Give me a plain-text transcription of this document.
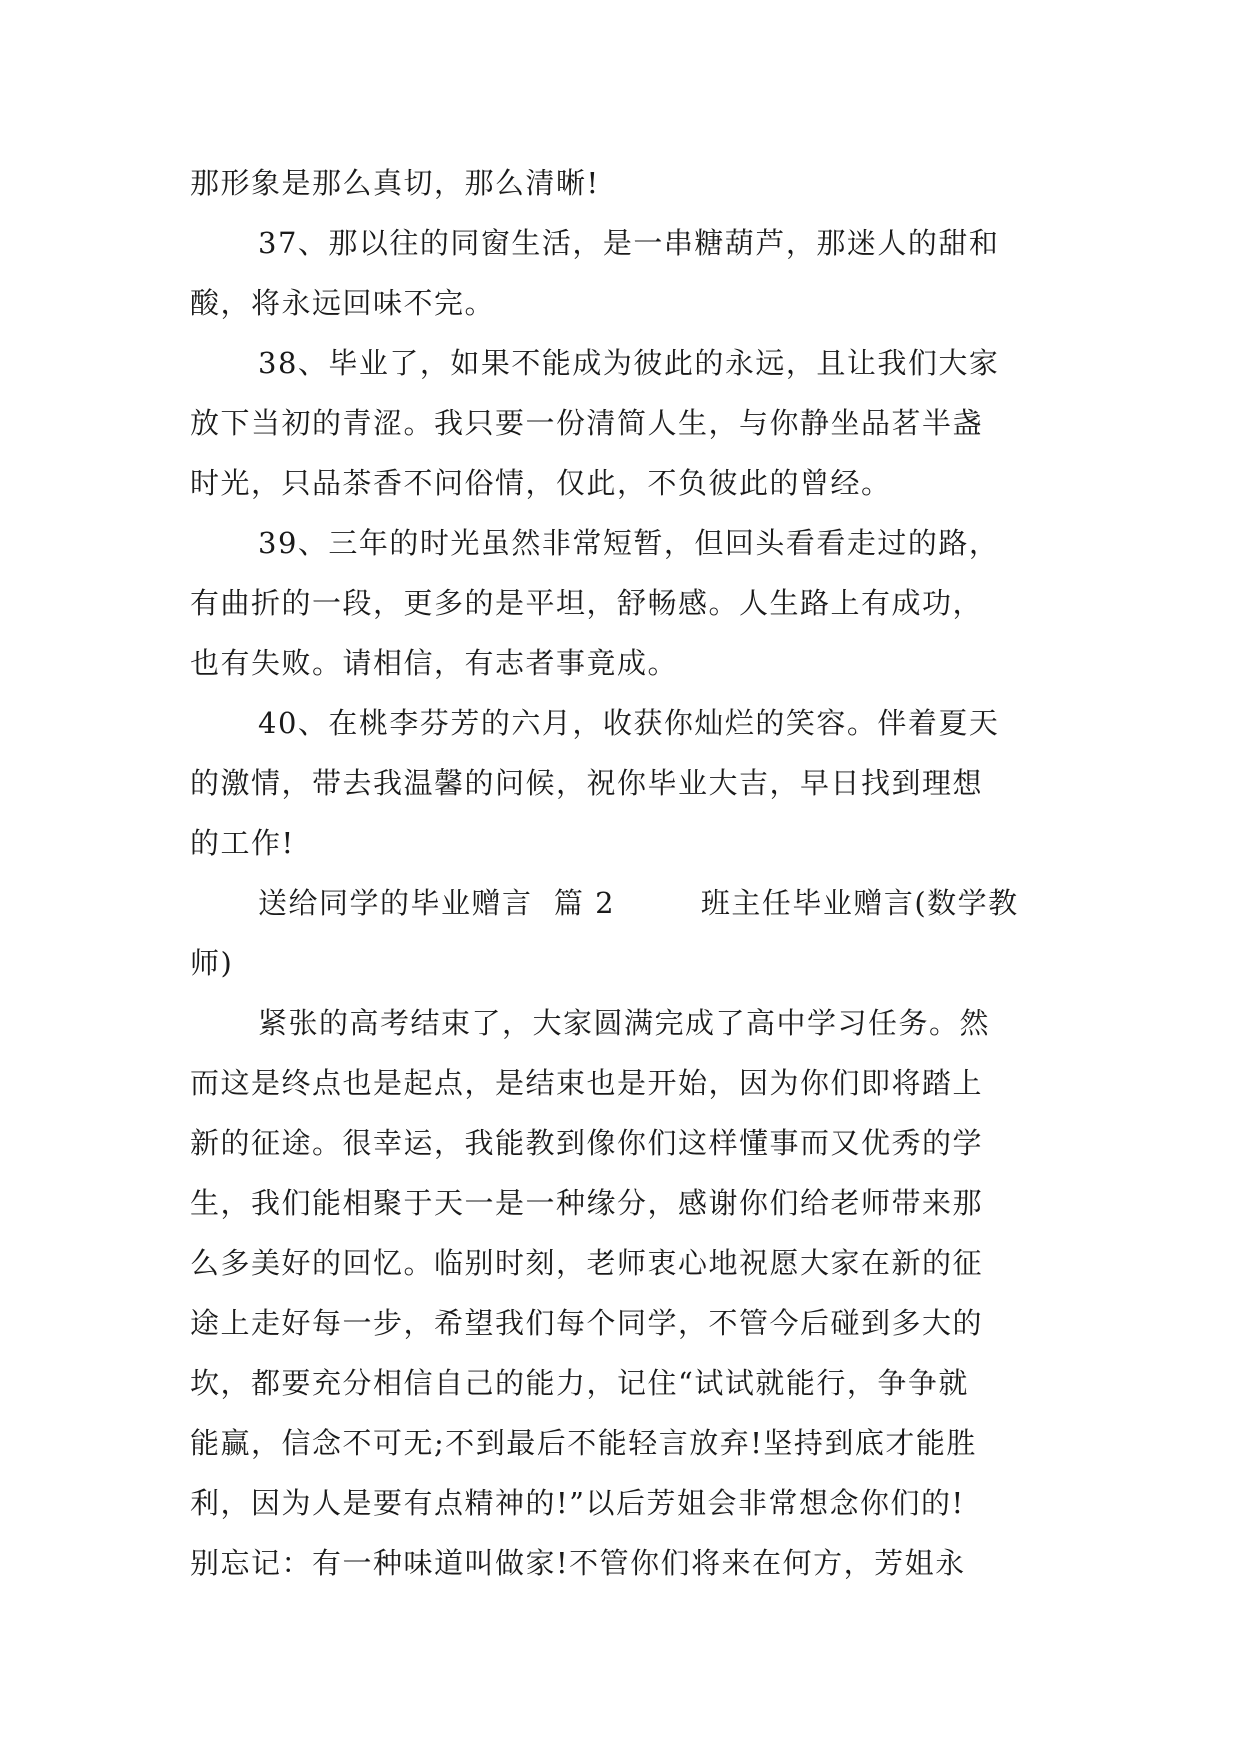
那形象是那么真切，那么清晰!
37、那以往的同窗生活，是一串糖葫芦，那迷人的甜和
酸，将永远回味不完。
38、毕业了，如果不能成为彼此的永远，且让我们大家
放下当初的青涩。我只要一份清简人生，与你静坐品茗半盏
时光，只品茶香不问俗情，仅此，不负彼此的曾经。
39、三年的时光虽然非常短暂，但回头看看走过的路，
有曲折的一段，更多的是平坦，舒畅感。人生路上有成功，
也有失败。请相信，有志者事竟成。
40、在桃李芬芳的六月，收获你灿烂的笑容。伴着夏天
的激情，带去我温馨的问候，祝你毕业大吉，早日找到理想
的工作!
送给同学的毕业赠言  篇 2        班主任毕业赠言(数学教
师)
紧张的高考结束了，大家圆满完成了高中学习任务。然
而这是终点也是起点，是结束也是开始，因为你们即将踏上
新的征途。很幸运，我能教到像你们这样懂事而又优秀的学
生，我们能相聚于天一是一种缘分，感谢你们给老师带来那
么多美好的回忆。临别时刻，老师衷心地祝愿大家在新的征
途上走好每一步，希望我们每个同学，不管今后碰到多大的
坎，都要充分相信自己的能力，记住“试试就能行，争争就
能赢，信念不可无;不到最后不能轻言放弃!坚持到底才能胜
利，因为人是要有点精神的!”以后芳姐会非常想念你们的!
别忘记：有一种味道叫做家!不管你们将来在何方，芳姐永
